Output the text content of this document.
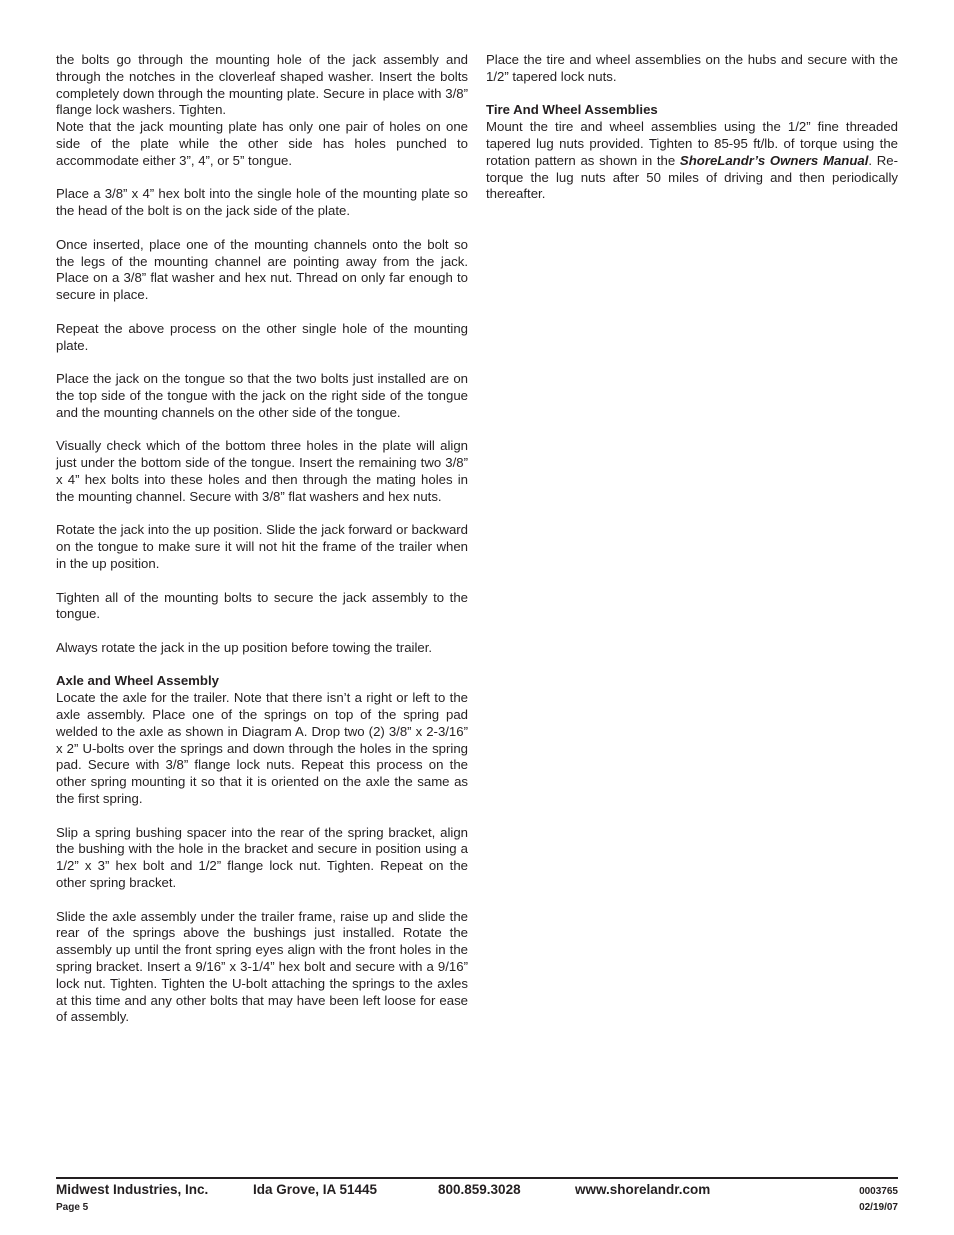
the bolts go through the mounting hole of the jack assembly and through the notches in the cloverleaf shaped washer. Insert the bolts completely down through the mounting plate. Secure in place with 3/8” flange lock washers. Tighten.

Note that the jack mounting plate has only one pair of holes on one side of the plate while the other side has holes punched to accommodate either 3”, 4”, or 5” tongue.

Place a 3/8” x 4” hex bolt into the single hole of the mounting plate so the head of the bolt is on the jack side of the plate.

Once inserted, place one of the mounting channels onto the bolt so the legs of the mounting channel are pointing away from the jack. Place on a 3/8” flat washer and hex nut. Thread on only far enough to secure in place.

Repeat the above process on the other single hole of the mounting plate.

Place the jack on the tongue so that the two bolts just installed are on the top side of the tongue with the jack on the right side of the tongue and the mounting channels on the other side of the tongue.

Visually check which of the bottom three holes in the plate will align just under the bottom side of the tongue. Insert the remaining two 3/8” x 4” hex bolts into these holes and then through the mating holes in the mounting channel. Secure with 3/8” flat washers and hex nuts.

Rotate the jack into the up position. Slide the jack forward or backward on the tongue to make sure it will not hit the frame of the trailer when in the up position.

Tighten all of the mounting bolts to secure the jack assembly to the tongue.

Always rotate the jack in the up position before towing the trailer.

Axle and Wheel Assembly

Locate the axle for the trailer. Note that there isn’t a right or left to the axle assembly. Place one of the springs on top of the spring pad welded to the axle as shown in Diagram A. Drop two (2) 3/8” x 2-3/16” x 2” U-bolts over the springs and down through the holes in the spring pad. Secure with 3/8” flange lock nuts. Repeat this process on the other spring mounting it so that it is oriented on the axle the same as the first spring.

Slip a spring bushing spacer into the rear of the spring bracket, align the bushing with the hole in the bracket and secure in position using a 1/2” x 3” hex bolt and 1/2” flange lock nut. Tighten. Repeat on the other spring bracket.

Slide the axle assembly under the trailer frame, raise up and slide the rear of the springs above the bushings just installed. Rotate the assembly up until the front spring eyes align with the front holes in the spring bracket. Insert a 9/16” x 3-1/4” hex bolt and secure with a 9/16” lock nut. Tighten. Tighten the U-bolt attaching the springs to the axles at this time and any other bolts that may have been left loose for ease of assembly.

Place the tire and wheel assemblies on the hubs and secure with the 1/2” tapered lock nuts.

Tire And Wheel Assemblies

Mount the tire and wheel assemblies using the 1/2” fine threaded tapered lug nuts provided. Tighten to 85-95 ft/lb. of torque using the rotation pattern as shown in the ShoreLandr’s Owners Manual. Re-torque the lug nuts after 50 miles of driving and then periodically thereafter.

Midwest Industries, Inc.	Ida Grove, IA 51445	800.859.3028	www.shorelandr.com	0003765
Page 5	02/19/07
